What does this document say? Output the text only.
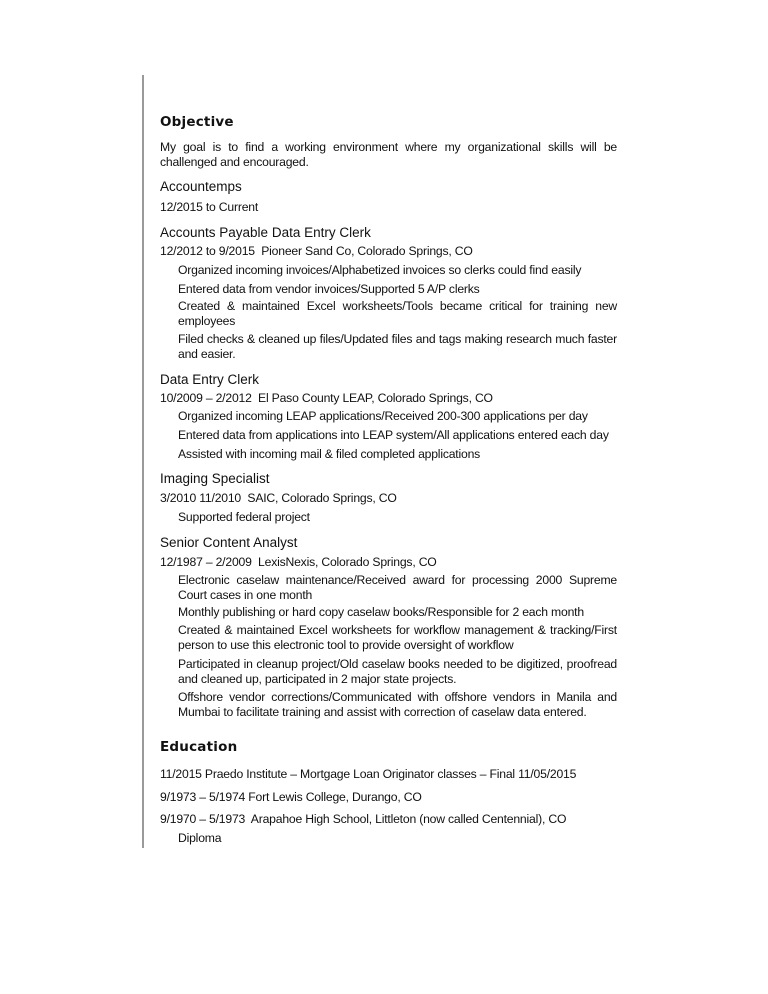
Objective
My goal is to find a working environment where my organizational skills will be challenged and encouraged.
Accountemps
12/2015 to Current
Accounts Payable Data Entry Clerk
12/2012 to 9/2015  Pioneer Sand Co, Colorado Springs, CO
Organized incoming invoices/Alphabetized invoices so clerks could find easily
Entered data from vendor invoices/Supported 5 A/P clerks
Created & maintained Excel worksheets/Tools became critical for training new employees
Filed checks & cleaned up files/Updated files and tags making research much faster and easier.
Data Entry Clerk
10/2009 – 2/2012  El Paso County LEAP, Colorado Springs, CO
Organized incoming LEAP applications/Received 200-300 applications per day
Entered data from applications into LEAP system/All applications entered each day
Assisted with incoming mail & filed completed applications
Imaging Specialist
3/2010 11/2010  SAIC, Colorado Springs, CO
Supported federal project
Senior Content Analyst
12/1987 – 2/2009  LexisNexis, Colorado Springs, CO
Electronic caselaw maintenance/Received award for processing 2000 Supreme Court cases in one month
Monthly publishing or hard copy caselaw books/Responsible for 2 each month
Created & maintained Excel worksheets for workflow management & tracking/First person to use this electronic tool to provide oversight of workflow
Participated in cleanup project/Old caselaw books needed to be digitized, proofread and cleaned up, participated in 2 major state projects.
Offshore vendor corrections/Communicated with offshore vendors in Manila and Mumbai to facilitate training and assist with correction of caselaw data entered.
Education
11/2015 Praedo Institute – Mortgage Loan Originator classes – Final 11/05/2015
9/1973 – 5/1974 Fort Lewis College, Durango, CO
9/1970 – 5/1973  Arapahoe High School, Littleton (now called Centennial), CO
Diploma
